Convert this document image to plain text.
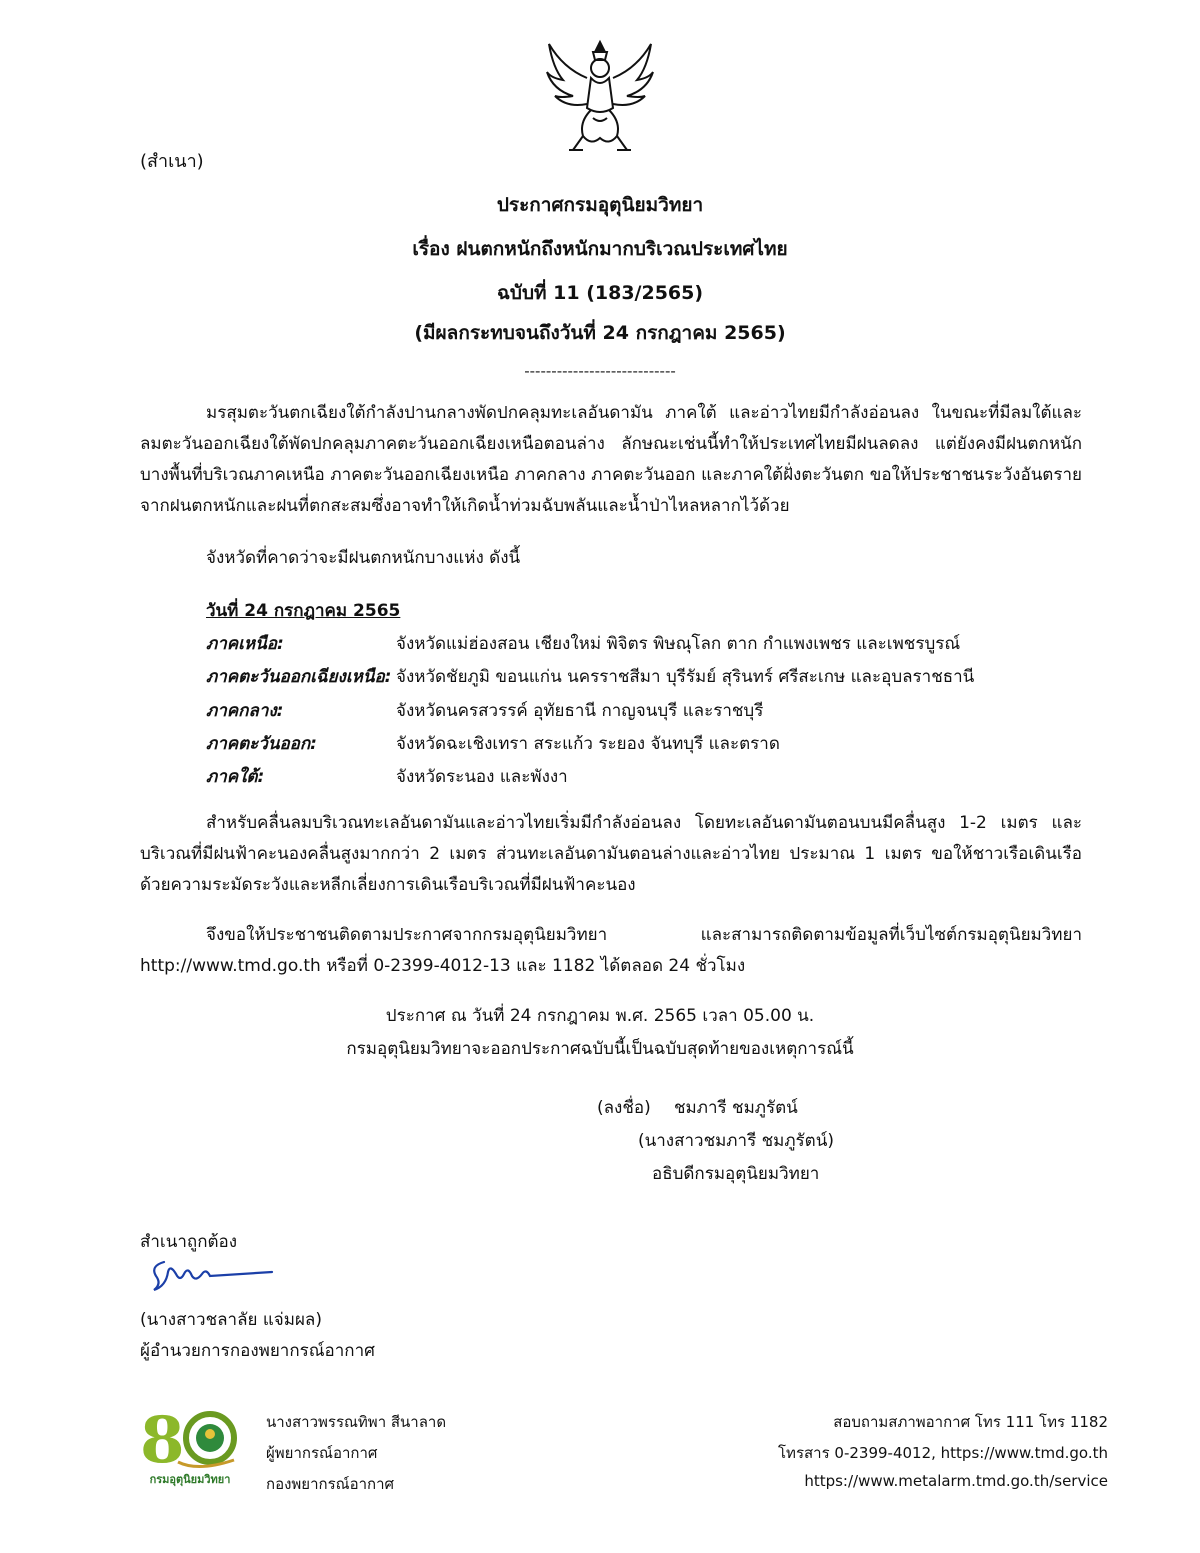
(สำเนา)
ประกาศกรมอุตุนิยมวิทยา
เรื่อง ฝนตกหนักถึงหนักมากบริเวณประเทศไทย
ฉบับที่ 11 (183/2565)
(มีผลกระทบจนถึงวันที่ 24 กรกฎาคม 2565)
----------------------------

มรสุมตะวันตกเฉียงใต้กำลังปานกลางพัดปกคลุมทะเลอันดามัน ภาคใต้ และอ่าวไทยมีกำลังอ่อนลง ในขณะที่มีลมใต้และลมตะวันออกเฉียงใต้พัดปกคลุมภาคตะวันออกเฉียงเหนือตอนล่าง ลักษณะเช่นนี้ทำให้ประเทศไทยมีฝนลดลง แต่ยังคงมีฝนตกหนักบางพื้นที่บริเวณภาคเหนือ ภาคตะวันออกเฉียงเหนือ ภาคกลาง ภาคตะวันออก และภาคใต้ฝั่งตะวันตก ขอให้ประชาชนระวังอันตรายจากฝนตกหนักและฝนที่ตกสะสมซึ่งอาจทำให้เกิดน้ำท่วมฉับพลันและน้ำป่าไหลหลากไว้ด้วย

จังหวัดที่คาดว่าจะมีฝนตกหนักบางแห่ง ดังนี้
วันที่ 24 กรกฎาคม 2565
ภาคเหนือ:	จังหวัดแม่ฮ่องสอน เชียงใหม่ พิจิตร พิษณุโลก ตาก กำแพงเพชร และเพชรบูรณ์
ภาคตะวันออกเฉียงเหนือ: จังหวัดชัยภูมิ ขอนแก่น นครราชสีมา บุรีรัมย์ สุรินทร์ ศรีสะเกษ และอุบลราชธานี
ภาคกลาง:	จังหวัดนครสวรรค์ อุทัยธานี กาญจนบุรี และราชบุรี
ภาคตะวันออก:	จังหวัดฉะเชิงเทรา สระแก้ว ระยอง จันทบุรี และตราด
ภาคใต้:	จังหวัดระนอง และพังงา

สำหรับคลื่นลมบริเวณทะเลอันดามันและอ่าวไทยเริ่มมีกำลังอ่อนลง โดยทะเลอันดามันตอนบนมีคลื่นสูง 1-2 เมตร และบริเวณที่มีฝนฟ้าคะนองคลื่นสูงมากกว่า 2 เมตร ส่วนทะเลอันดามันตอนล่างและอ่าวไทย ประมาณ 1 เมตร ขอให้ชาวเรือเดินเรือด้วยความระมัดระวังและหลีกเลี่ยงการเดินเรือบริเวณที่มีฝนฟ้าคะนอง

จึงขอให้ประชาชนติดตามประกาศจากกรมอุตุนิยมวิทยา และสามารถติดตามข้อมูลที่เว็บไซต์กรมอุตุนิยมวิทยา http://www.tmd.go.th หรือที่ 0-2399-4012-13 และ 1182 ได้ตลอด 24 ชั่วโมง

ประกาศ ณ วันที่ 24 กรกฎาคม พ.ศ. 2565 เวลา 05.00 น.
กรมอุตุนิยมวิทยาจะออกประกาศฉบับนี้เป็นฉบับสุดท้ายของเหตุการณ์นี้
(ลงชื่อ) ชมภารี ชมภูรัตน์
(นางสาวชมภารี ชมภูรัตน์)
อธิบดีกรมอุตุนิยมวิทยา
สำเนาถูกต้อง
(นางสาวชลาลัย แจ่มผล)
ผู้อำนวยการกองพยากรณ์อากาศ
8
กรมอุตุนิยมวิทยา
นางสาวพรรณทิพา สีนาลาด
ผู้พยากรณ์อากาศ
กองพยากรณ์อากาศ
สอบถามสภาพอากาศ โทร 111 โทร 1182
โทรสาร 0-2399-4012, https://www.tmd.go.th
https://www.metalarm.tmd.go.th/service
